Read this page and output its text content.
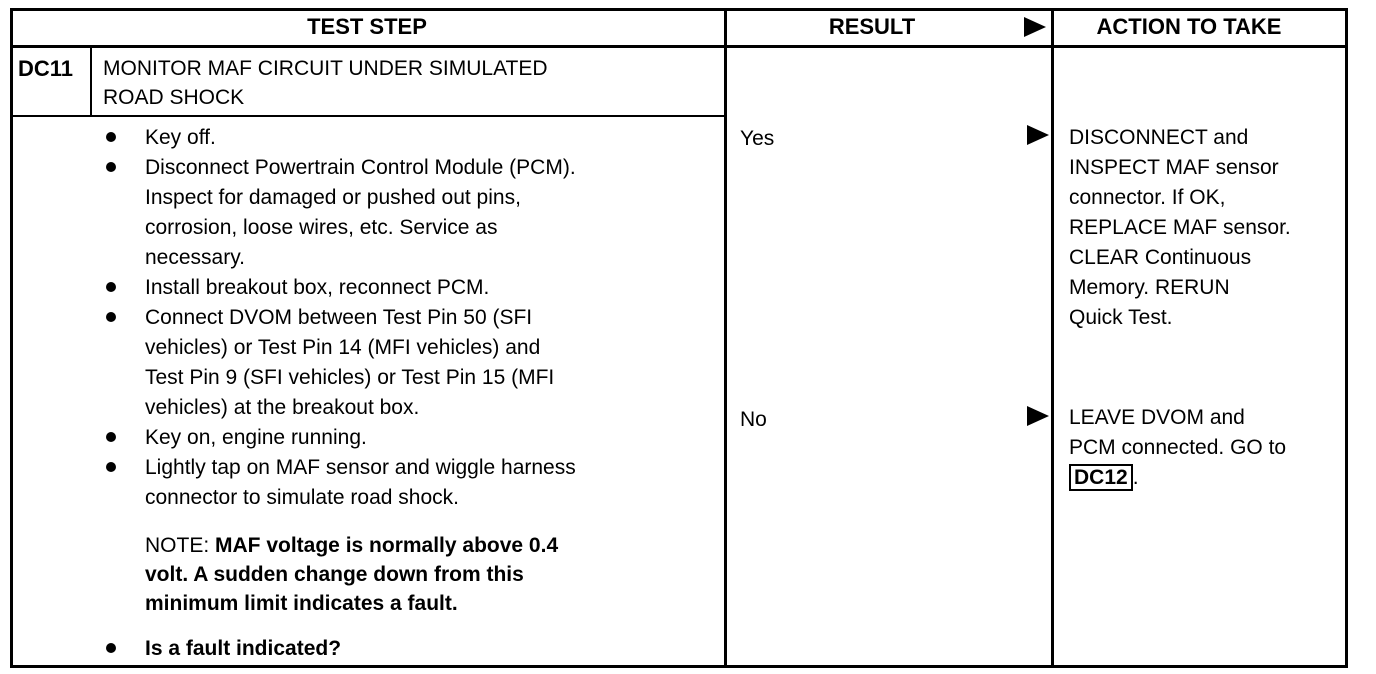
TEST STEP	RESULT	ACTION TO TAKE
DC11 MONITOR MAF CIRCUIT UNDER SIMULATED
ROAD SHOCK
Key off.
Disconnect Powertrain Control Module (PCM).
Inspect for damaged or pushed out pins,
corrosion, loose wires, etc. Service as
necessary.
Install breakout box, reconnect PCM.
Connect DVOM between Test Pin 50 (SFI
vehicles) or Test Pin 14 (MFI vehicles) and
Test Pin 9 (SFI vehicles) or Test Pin 15 (MFI
vehicles) at the breakout box.
Key on, engine running.
Lightly tap on MAF sensor and wiggle harness
connector to simulate road shock.
NOTE: MAF voltage is normally above 0.4
volt. A sudden change down from this
minimum limit indicates a fault.
Is a fault indicated?
Yes
No
DISCONNECT and
INSPECT MAF sensor
connector. If OK,
REPLACE MAF sensor.
CLEAR Continuous
Memory. RERUN
Quick Test.
LEAVE DVOM and
PCM connected. GO to
DC12 .
